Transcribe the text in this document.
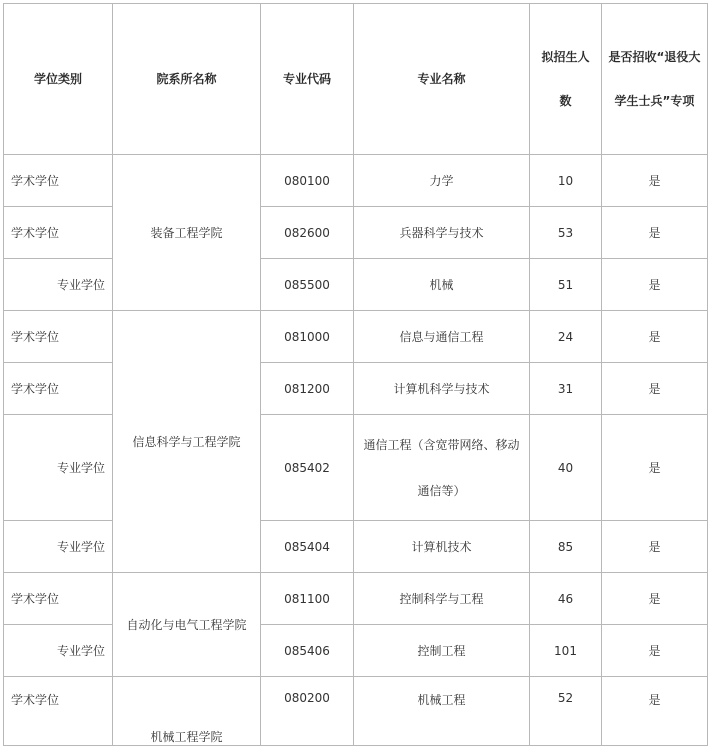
学位类别	院系所名称	专业代码	专业名称	拟招生人数	是否招收“退役大学生士兵”专项
学术学位	装备工程学院	080100	力学	10	是
学术学位		082600	兵器科学与技术	53	是
专业学位		085500	机械	51	是
学术学位	信息科学与工程学院	081000	信息与通信工程	24	是
学术学位		081200	计算机科学与技术	31	是
专业学位		085402	通信工程（含宽带网络、移动通信等）	40	是
专业学位		085404	计算机技术	85	是
学术学位	自动化与电气工程学院	081100	控制科学与工程	46	是
专业学位		085406	控制工程	101	是
学术学位	机械工程学院	080200	机械工程	52	是
